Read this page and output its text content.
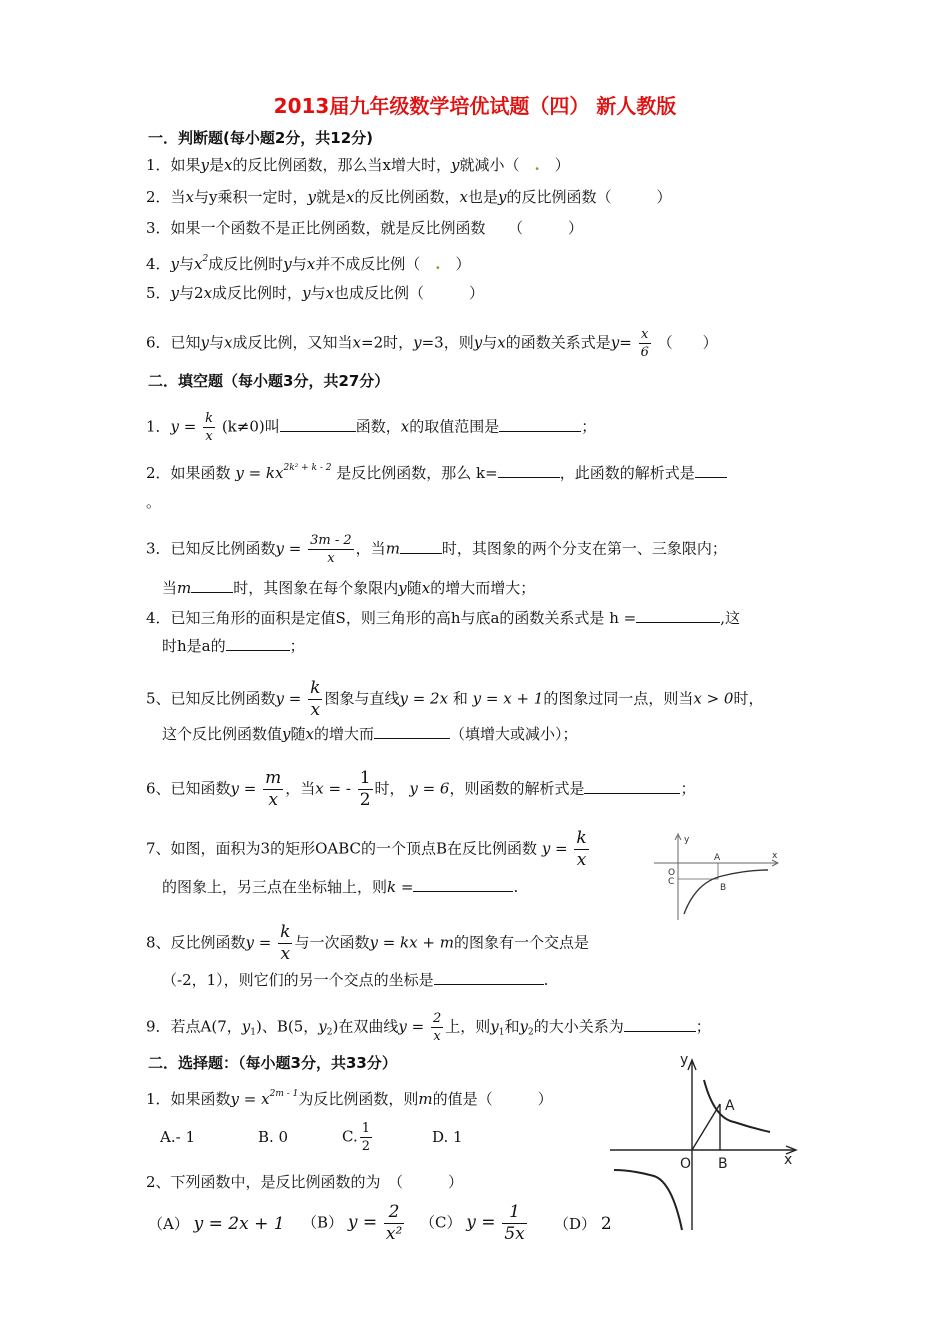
2013届九年级数学培优试题（四） 新人教版
一．判断题(每小题2分，共12分)
1．如果y是x的反比例函数，那么当x增大时，y就减小（　 .　 ）
2．当x与y乘积一定时，y就是x的反比例函数，x也是y的反比例函数（　　　）
3．如果一个函数不是正比例函数，就是反比例函数　　（　　　）
4．y与$x^2$成反比例时y与x并不成反比例（　 .　 ）
5．y与2x成反比例时，y与x也成反比例（　　　）
6．已知y与x成反比例，又知当x=2时，y=3，则y与x的函数关系式是$y= \frac{x}{6}$ （　　）
二．填空题（每小题3分，共27分）
1．$y = \frac{k}{x} (k\ne 0)$叫	函数，x的取值范围是	；
2．如果函数 $y = kx^{2k^2 + k - 2}$ 是反比例函数，那么 k=	，此函数的解析式是
。
3．已知反比例函数$y = \frac{3m - 2}{x}$ ，当m	时，其图象的两个分支在第一、三象限内；
当m	时，其图象在每个象限内y随x的增大而增大；
4．已知三角形的面积是定值S，则三角形的高h与底a的函数关系式是 h =	,这
时h是a的	；
5、已知反比例函数$y = \frac{k}{x}$ 图象与直线y = 2x 和 y = x + 1的图象过同一点，则当x > 0时，
这个反比例函数值y随x的增大而	（填增大或减小）；
6、已知函数$y = \frac{m}{x}$ ，当x = - $\frac{1}{2}$ 时， y = 6，则函数的解析式是	；
7、如图，面积为3的矩形OABC的一个顶点B在反比例函数 $y = \frac{k}{x}$
的图象上，另三点在坐标轴上，则k =	.
y
x
O
C
A
B
8、反比例函数$y = \frac{k}{x}$ 与一次函数y = kx + m的图象有一个交点是
（-2，1），则它们的另一个交点的坐标是	.
9．若点A(7，$y_1$)、B(5，$y_2$)在双曲线$y = \frac{2}{x}$ 上，则$y_1$和$y_2$的大小关系为	；
二．选择题：（每小题3分，共33分）
1．如果函数$y = x^{2m - 1}$为反比例函数，则m的值是（　　　）
A.- 1	B. 0	C. $\frac{1}{2}$	D. 1
2、下列函数中，是反比例函数的为　（　　　）
（A） y = 2x + 1 （B） $y = \frac{2}{\text{x²}} (C) y = \frac{1}{5x} (D)$ 2
y
x
O
A
B
